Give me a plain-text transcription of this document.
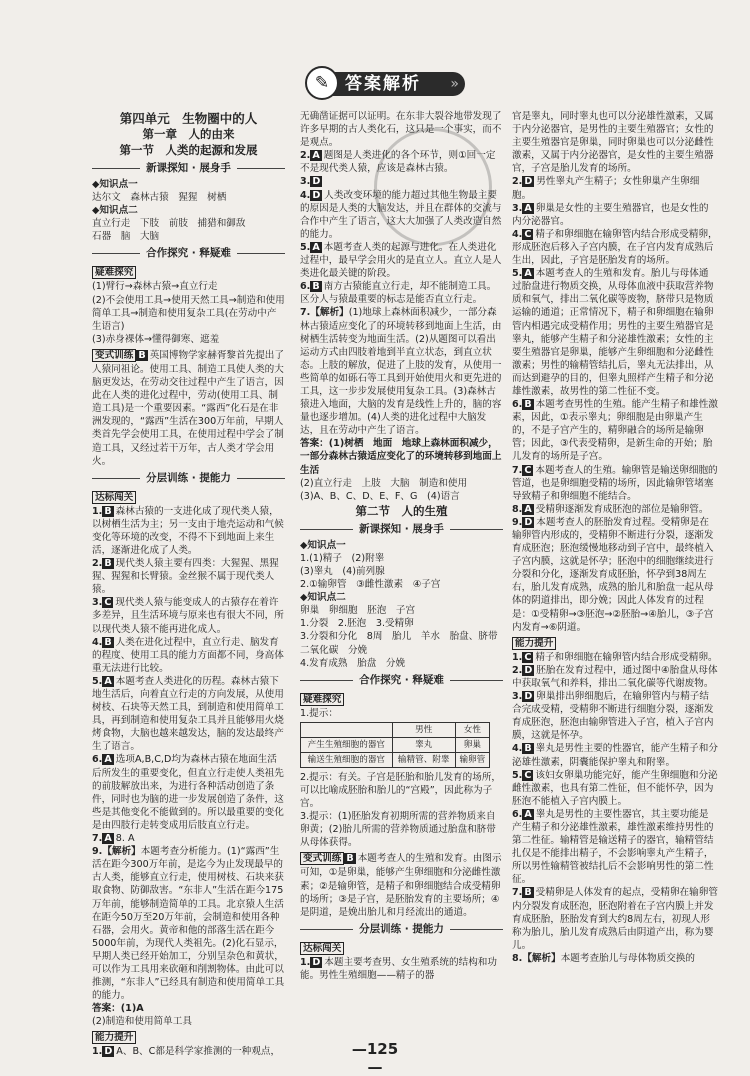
答案解析 »
✎

第四单元　生物圈中的人

第一章　人的由来

第一节　人类的起源和发展

新课探知 · 展身手

◆知识点一

达尔文　森林古猿　猩猩　树栖

◆知识点二

直立行走　下肢　前肢　捕猎和御敌

石器　脑　大脑

合作探究 · 释疑难

疑难探究

(1)臂行→森林古猿→直立行走

(2)不会使用工具→使用天然工具→制造和使用简单工具→制造和使用复杂工具(在劳动中产生语言)

(3)赤身裸体→懂得御寒、遮羞

变式训练 B 英国博物学家赫胥黎首先提出了人猿同祖论。使用工具、制造工具使人类的大脑更发达，在劳动交往过程中产生了语言，因此在人类的进化过程中，劳动(使用工具、制造工具)是一个重要因素。“露西”化石是在非洲发现的，“露西”生活在300万年前，早期人类首先学会使用工具，在使用过程中学会了制造工具，又经过若干万年，古人类才学会用火。

分层训练 · 提能力

达标闯关

1. B 森林古猿的一支进化成了现代类人猿，以树栖生活为主；另一支由于地壳运动和气候变化等环境的改变，不得不下到地面上来生活，逐渐进化成了人类。

2. B 现代类人猿主要有四类：大猩猩、黑猩猩、猩猩和长臂猿。金丝猴不属于现代类人猿。

3. C 现代类人猿与能变成人的古猿存在着许多差异，且生活环境与原来也有很大不同，所以现代类人猿不能再进化成人。

4. B 人类在进化过程中，直立行走、脑发育的程度、使用工具的能力方面都不同，身高体重无法进行比较。

5. A 本题考查人类进化的历程。森林古猿下地生活后，向着直立行走的方向发展，从使用树枝、石块等天然工具，到制造和使用简单工具，再到制造和使用复杂工具并且能够用火烧烤食物，大脑也越来越发达，脑的发达最终产生了语言。

6. A 选项A,B,C,D均为森林古猿在地面生活后所发生的重要变化，但直立行走使人类祖先的前肢解放出来，为进行各种活动创造了条件，同时也为脑的进一步发展创造了条件，这些是其他变化不能做到的。所以最重要的变化是由四肢行走转变成用后肢直立行走。

7. A 8. A

9.【解析】本题考查分析能力。(1)“露西”生活在距今300万年前，是迄今为止发现最早的古人类，能够直立行走，使用树枝、石块来获取食物、防御敌害。“东非人”生活在距今175万年前，能够制造简单的工具。北京猿人生活在距今50万至20万年前，会制造和使用各种石器，会用火。黄帝和他的部落生活在距今5000年前，为现代人类祖先。(2)化石显示，早期人类已经开始加工，分别呈杂色和黄状，可以作为工具用来砍砸和削割物体。由此可以推测，“东非人”已经具有制造和使用简单工具的能力。

答案：(1)A

(2)制造和使用简单工具

能力提升

1. D A、B、C都是科学家推测的一种观点，

无确凿证据可以证明。在东非大裂谷地带发现了许多早期的古人类化石，这只是一个事实，而不是观点。

2. A 题图是人类进化的各个环节，则①回一定不是现代类人猿，应该是森林古猿。

3. D

4. D 人类改变环境的能力超过其他生物最主要的原因是人类的大脑发达，并且在群体的交流与合作中产生了语言，这大大加强了人类改造自然的能力。

5. A 本题考查人类的起源与进化。在人类进化过程中，最早学会用火的是直立人。直立人是人类进化最关键的阶段。

6. B 南方古猿能直立行走，却不能制造工具。区分人与猿最重要的标志是能否直立行走。

7.【解析】(1)地球上森林面积减少，一部分森林古猿适应变化了的环境转移到地面上生活，由树栖生活转变为地面生活。(2)从题图可以看出运动方式由四肢着地到半直立状态，到直立状态。上肢的解放，促进了上肢的发育，从使用一些简单的如砾石等工具到开始使用火和更先进的工具，这一步步发展使用复杂工具。(3)森林古猿进入地面，大脑的发育是线性上升的，脑的容量也逐步增加。(4)人类的进化过程中大脑发达，且在劳动中产生了语言。

答案：(1)树栖　地面　地球上森林面积减少，一部分森林古猿适应变化了的环境转移到地面上生活

(2)直立行走　上肢　大脑　制造和使用

(3)A、B、C、D、E、F、G　(4)语言

第二节　人的生殖

新课探知 · 展身手

◆知识点一

1.(1)精子　(2)附睾

(3)睾丸　(4)前列腺

2.①输卵管　③雌性激素　④子宫

◆知识点二

卵巢　卵细胞　胚泡　子宫

1.分裂　2.胚泡　3.受精卵

3.分裂和分化　8周　胎儿　羊水　胎盘、脐带　二氧化碳　分娩

4.发育成熟　胎盘　分娩

合作探究 · 释疑难

疑难探究

1.提示：

	男性	女性
产生生殖细胞的器官	睾丸	卵巢
输送生殖细胞的器官	输精管、附睾	输卵管

2.提示：有关。子宫是胚胎和胎儿发育的场所，可以比喻成胚胎和胎儿的“宫殿”，因此称为子宫。

3.提示：(1)胚胎发育初期所需的营养物质来自卵黄；(2)胎儿所需的营养物质通过胎盘和脐带从母体获得。

变式训练 B 本题考查人的生殖和发育。由图示可知，①是卵巢，能够产生卵细胞和分泌雌性激素；②是输卵管，是精子和卵细胞结合成受精卵的场所；③是子宫，是胚胎发育的主要场所；④是阴道，是娩出胎儿和月经流出的通道。

分层训练 · 提能力

达标闯关

1. D 本题主要考查男、女生殖系统的结构和功能。男性生殖细胞——精子的器

官是睾丸，同时睾丸也可以分泌雄性激素，又属于内分泌器官，是男性的主要生殖器官；女性的主要生殖器官是卵巢，同时卵巢也可以分泌雌性激素，又属于内分泌器官，是女性的主要生殖器官，子宫是胎儿发育的场所。

2. D 男性睾丸产生精子；女性卵巢产生卵细胞。

3. A 卵巢是女性的主要生殖器官，也是女性的内分泌器官。

4. C 精子和卵细胞在输卵管内结合形成受精卵，形成胚泡后移入子宫内膜，在子宫内发育成熟后生出，因此，子宫是胚胎发育的场所。

5. A 本题考查人的生殖和发育。胎儿与母体通过胎盘进行物质交换，从母体血液中获取营养物质和氧气，排出二氧化碳等废物，脐带只是物质运输的通道；正常情况下，精子和卵细胞在输卵管内相遇完成受精作用；男性的主要生殖器官是睾丸，能够产生精子和分泌雄性激素；女性的主要生殖器官是卵巢，能够产生卵细胞和分泌雌性激素；男性的输精管结扎后，睾丸无法排出，从而达到避孕的目的，但睾丸照样产生精子和分泌雄性激素，故男性的第二性征不变。

6. B 本题考查男性的生殖。能产生精子和雄性激素，因此，①表示睾丸；卵细胞是由卵巢产生的，不是子宫产生的，精卵融合的场所是输卵管；因此，③代表受精卵，是新生命的开始；胎儿发育的场所是子宫。

7. C 本题考查人的生殖。输卵管是输送卵细胞的管道，也是卵细胞受精的场所，因此输卵管堵塞导致精子和卵细胞不能结合。

8. A 受精卵逐渐发育成胚泡的部位是输卵管。

9. D 本题考查人的胚胎发育过程。受精卵是在输卵管内形成的，受精卵不断进行分裂，逐渐发育成胚泡；胚泡缓慢地移动到子宫中，最终植入子宫内膜，这就是怀孕；胚泡中的细胞继续进行分裂和分化，逐渐发育成胚胎，怀孕到38周左右，胎儿发育成熟，成熟的胎儿和胎盘一起从母体的阴道排出，即分娩；因此人体发育的过程是：①受精卵→③胚泡→②胚胎→④胎儿，③子宫内发育→⑥阴道。

能力提升

1. C 精子和卵细胞在输卵管内结合形成受精卵。

2. D 胚胎在发育过程中，通过图中④胎盘从母体中获取氧气和养料，排出二氧化碳等代谢废物。

3. D 卵巢排出卵细胞后，在输卵管内与精子结合完成受精，受精卵不断进行细胞分裂，逐渐发育成胚泡，胚泡由输卵管进入子宫，植入子宫内膜，这就是怀孕。

4. B 睾丸是男性主要的性器官，能产生精子和分泌雄性激素，阴囊能保护睾丸和附睾。

5. C 该妇女卵巢功能完好，能产生卵细胞和分泌雌性激素，也具有第二性征，但不能怀孕，因为胚泡不能植入子宫内膜上。

6. A 睾丸是男性的主要性器官，其主要功能是产生精子和分泌雄性激素，雄性激素维持男性的第二性征。输精管是输送精子的器官，输精管结扎仅是不能排出精子，不会影响睾丸产生精子，所以男性输精管被结扎后不会影响男性的第二性征。

7. B 受精卵是人体发育的起点，受精卵在输卵管内分裂发育成胚泡，胚泡附着在子宫内膜上并发育成胚胎，胚胎发育到大约8周左右，初现人形称为胎儿，胎儿发育成熟后由阴道产出，称为婴儿。

8.【解析】本题考查胎儿与母体物质交换的

—125—
